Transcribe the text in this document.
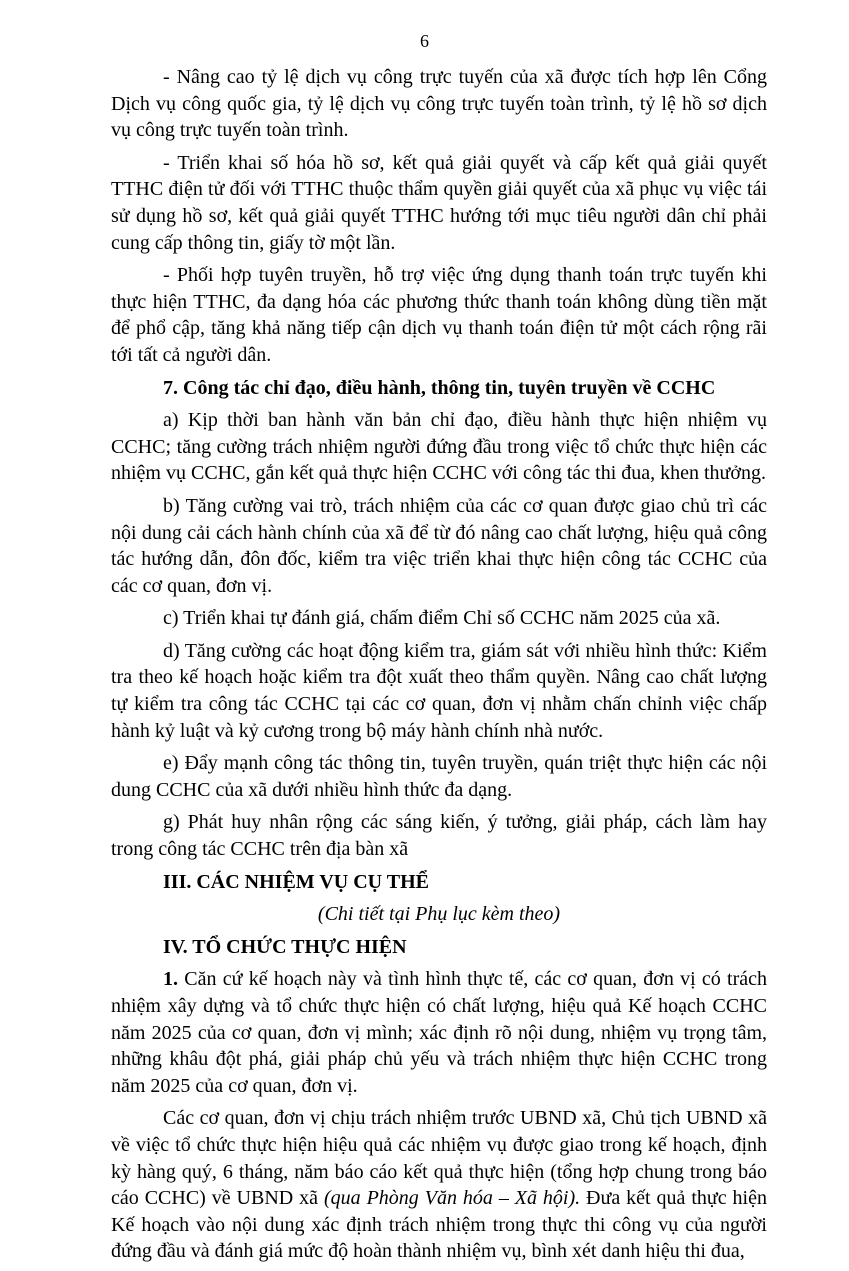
6

- Nâng cao tỷ lệ dịch vụ công trực tuyến của xã được tích hợp lên Cổng Dịch vụ công quốc gia, tỷ lệ dịch vụ công trực tuyến toàn trình, tỷ lệ hồ sơ dịch vụ công trực tuyến toàn trình.

- Triển khai số hóa hồ sơ, kết quả giải quyết và cấp kết quả giải quyết TTHC điện tử đối với TTHC thuộc thẩm quyền giải quyết của xã phục vụ việc tái sử dụng hồ sơ, kết quả giải quyết TTHC hướng tới mục tiêu người dân chỉ phải cung cấp thông tin, giấy tờ một lần.

- Phối hợp tuyên truyền, hỗ trợ việc ứng dụng thanh toán trực tuyến khi thực hiện TTHC, đa dạng hóa các phương thức thanh toán không dùng tiền mặt để phổ cập, tăng khả năng tiếp cận dịch vụ thanh toán điện tử một cách rộng rãi tới tất cả người dân.

7. Công tác chỉ đạo, điều hành, thông tin, tuyên truyền về CCHC

a) Kịp thời ban hành văn bản chỉ đạo, điều hành thực hiện nhiệm vụ CCHC; tăng cường trách nhiệm người đứng đầu trong việc tổ chức thực hiện các nhiệm vụ CCHC, gắn kết quả thực hiện CCHC với công tác thi đua, khen thưởng.

b) Tăng cường vai trò, trách nhiệm của các cơ quan được giao chủ trì các nội dung cải cách hành chính của xã để từ đó nâng cao chất lượng, hiệu quả công tác hướng dẫn, đôn đốc, kiểm tra việc triển khai thực hiện công tác CCHC của các cơ quan, đơn vị.

c) Triển khai tự đánh giá, chấm điểm Chỉ số CCHC năm 2025 của xã.

d) Tăng cường các hoạt động kiểm tra, giám sát với nhiều hình thức: Kiểm tra theo kế hoạch hoặc kiểm tra đột xuất theo thẩm quyền. Nâng cao chất lượng tự kiểm tra công tác CCHC tại các cơ quan, đơn vị nhằm chấn chỉnh việc chấp hành kỷ luật và kỷ cương trong bộ máy hành chính nhà nước.

e) Đẩy mạnh công tác thông tin, tuyên truyền, quán triệt thực hiện các nội dung CCHC của xã dưới nhiều hình thức đa dạng.

g) Phát huy nhân rộng các sáng kiến, ý tưởng, giải pháp, cách làm hay trong công tác CCHC trên địa bàn xã

III. CÁC NHIỆM VỤ CỤ THỂ

(Chi tiết tại Phụ lục kèm theo)

IV. TỔ CHỨC THỰC HIỆN

1. Căn cứ kế hoạch này và tình hình thực tế, các cơ quan, đơn vị có trách nhiệm xây dựng và tổ chức thực hiện có chất lượng, hiệu quả Kế hoạch CCHC năm 2025 của cơ quan, đơn vị mình; xác định rõ nội dung, nhiệm vụ trọng tâm, những khâu đột phá, giải pháp chủ yếu và trách nhiệm thực hiện CCHC trong năm 2025 của cơ quan, đơn vị.

Các cơ quan, đơn vị chịu trách nhiệm trước UBND xã, Chủ tịch UBND xã về việc tổ chức thực hiện hiệu quả các nhiệm vụ được giao trong kế hoạch, định kỳ hàng quý, 6 tháng, năm báo cáo kết quả thực hiện (tổng hợp chung trong báo cáo CCHC) về UBND xã (qua Phòng Văn hóa – Xã hội). Đưa kết quả thực hiện Kế hoạch vào nội dung xác định trách nhiệm trong thực thi công vụ của người đứng đầu và đánh giá mức độ hoàn thành nhiệm vụ, bình xét danh hiệu thi đua,
